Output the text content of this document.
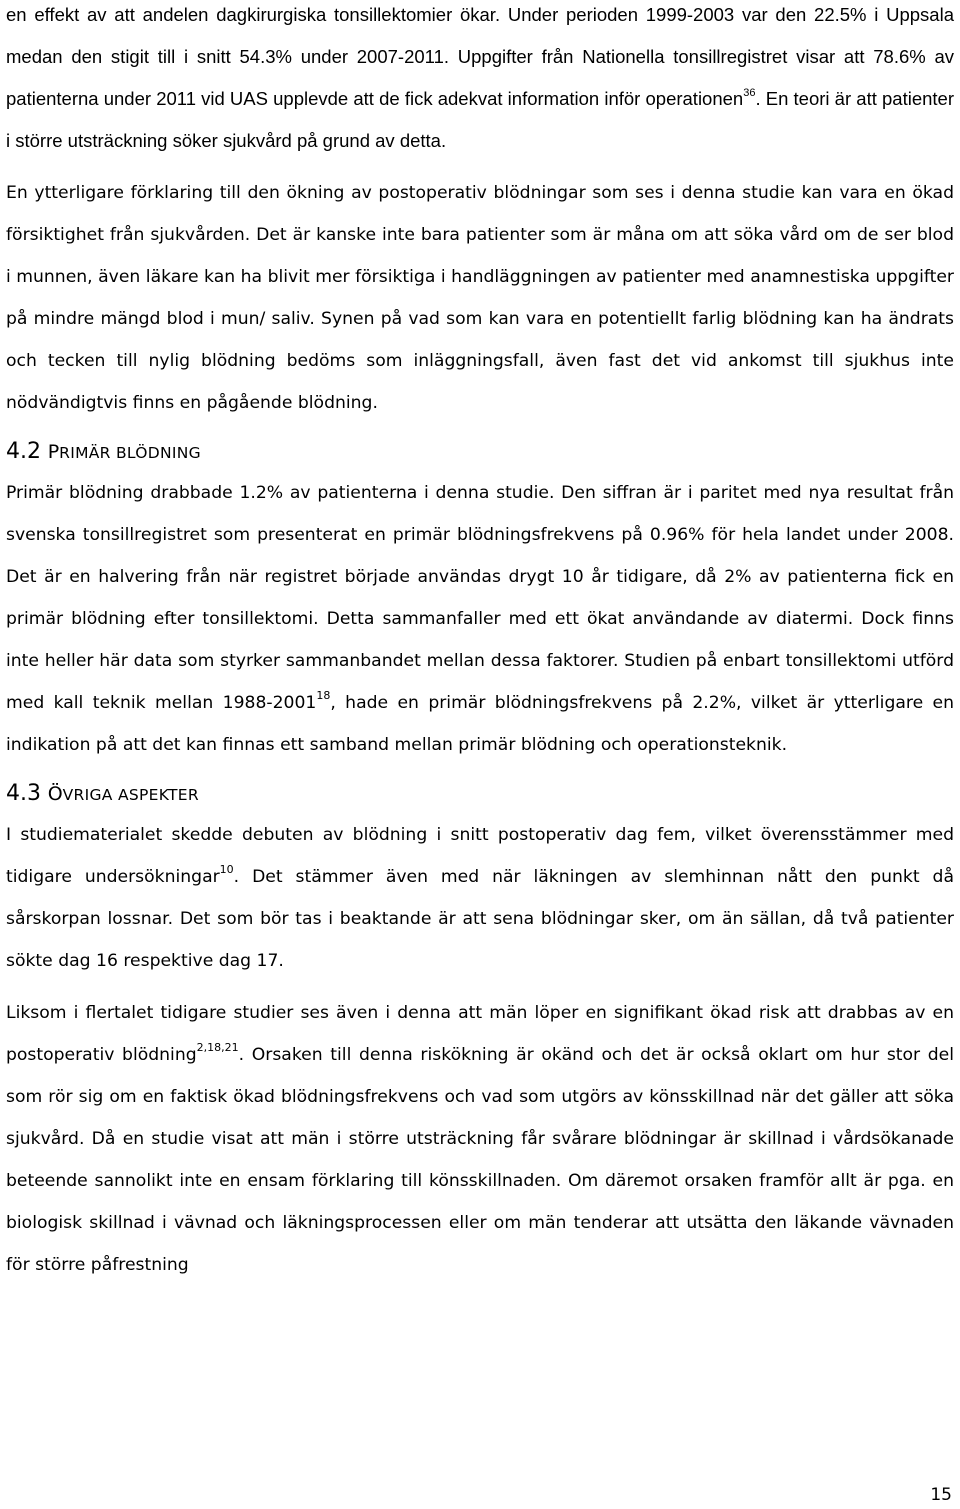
en effekt av att andelen dagkirurgiska tonsillektomier ökar. Under perioden 1999-2003 var den 22.5% i Uppsala medan den stigit till i snitt 54.3% under 2007-2011. Uppgifter från Nationella tonsillregistret visar att 78.6% av patienterna under 2011 vid UAS upplevde att de fick adekvat information inför operationen$^{36}$. En teori är att patienter i större utsträckning söker sjukvård på grund av detta.

En ytterligare förklaring till den ökning av postoperativ blödningar som ses i denna studie kan vara en ökad försiktighet från sjukvården. Det är kanske inte bara patienter som är måna om att söka vård om de ser blod i munnen, även läkare kan ha blivit mer försiktiga i handläggningen av patienter med anamnestiska uppgifter på mindre mängd blod i mun/ saliv. Synen på vad som kan vara en potentiellt farlig blödning kan ha ändrats och tecken till nylig blödning bedöms som inläggningsfall, även fast det vid ankomst till sjukhus inte nödvändigtvis finns en pågående blödning.

4.2 PRIMÄR BLÖDNING

Primär blödning drabbade 1.2% av patienterna i denna studie. Den siffran är i paritet med nya resultat från svenska tonsillregistret som presenterat en primär blödningsfrekvens på 0.96% för hela landet under 2008. Det är en halvering från när registret började användas drygt 10 år tidigare, då 2% av patienterna fick en primär blödning efter tonsillektomi. Detta sammanfaller med ett ökat användande av diatermi. Dock finns inte heller här data som styrker sammanbandet mellan dessa faktorer. Studien på enbart tonsillektomi utförd med kall teknik mellan 1988-2001$^{18}$, hade en primär blödningsfrekvens på 2.2%, vilket är ytterligare en indikation på att det kan finnas ett samband mellan primär blödning och operationsteknik.

4.3 ÖVRIGA ASPEKTER

I studiematerialet skedde debuten av blödning i snitt postoperativ dag fem, vilket överensstämmer med tidigare undersökningar$^{10}$. Det stämmer även med när läkningen av slemhinnan nått den punkt då sårskorpan lossnar. Det som bör tas i beaktande är att sena blödningar sker, om än sällan, då två patienter sökte dag 16 respektive dag 17.

Liksom i flertalet tidigare studier ses även i denna att män löper en signifikant ökad risk att drabbas av en postoperativ blödning$^{2,18,21}$. Orsaken till denna riskökning är okänd och det är också oklart om hur stor del som rör sig om en faktisk ökad blödningsfrekvens och vad som utgörs av könsskillnad när det gäller att söka sjukvård. Då en studie visat att män i större utsträckning får svårare blödningar är skillnad i vårdsökanade beteende sannolikt inte en ensam förklaring till könsskillnaden. Om däremot orsaken framför allt är pga. en biologisk skillnad i vävnad och läkningsprocessen eller om män tenderar att utsätta den läkande vävnaden för större påfrestning

15
